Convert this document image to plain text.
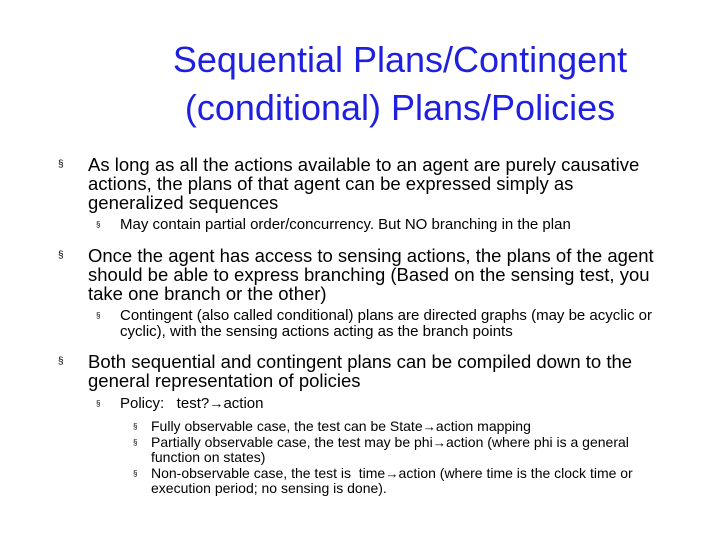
Sequential Plans/Contingent
(conditional) Plans/Policies
§ As long as all the actions available to an agent are purely causative actions, the plans of that agent can be expressed simply as generalized sequences
§ May contain partial order/concurrency. But NO branching in the plan
§ Once the agent has access to sensing actions, the plans of the agent should be able to express branching (Based on the sensing test, you take one branch or the other)
§ Contingent (also called conditional) plans are directed graphs (may be acyclic or cyclic), with the sensing actions acting as the branch points
§ Both sequential and contingent plans can be compiled down to the general representation of policies
§ Policy:   test?→action
§ Fully observable case, the test can be State→action mapping
§ Partially observable case, the test may be phi→action (where phi is a general function on states)
§ Non-observable case, the test is  time→action (where time is the clock time or execution period; no sensing is done).
